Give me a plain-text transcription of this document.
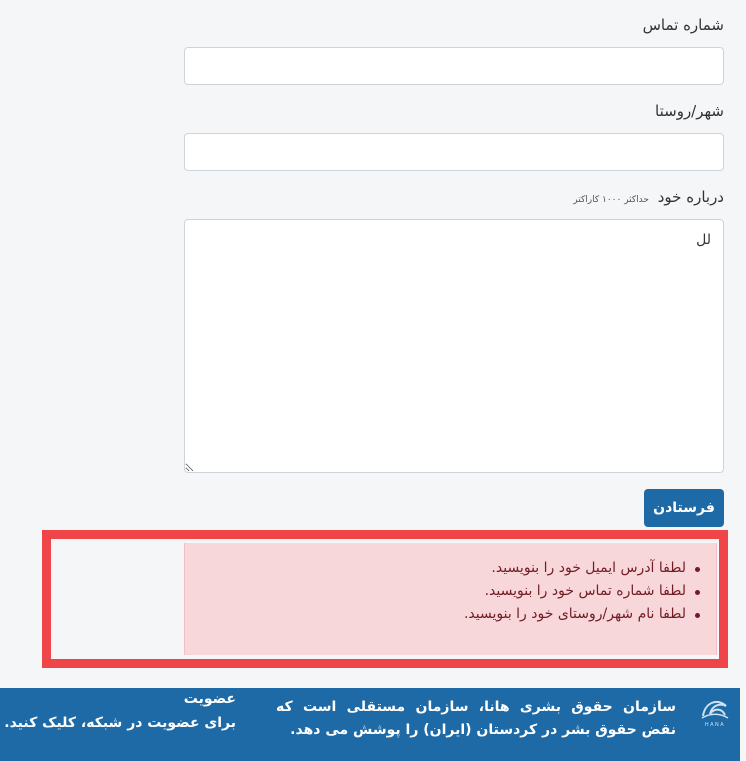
شماره تماس
شهر/روستا
درباره خود حداکثر ۱۰۰۰ کاراکتر
لل
فرستادن
لطفا آدرس ایمیل خود را بنویسید.
لطفا شماره تماس خود را بنویسید.
لطفا نام شهر/روستای خود را بنویسید.
HANA

سازمان حقوق بشری هانا، سازمان مستقلی است که نقض حقوق بشر در کردستان (ایران) را پوشش می دهد.

عضویت
برای عضویت در شبکه، کلیک کنید.
